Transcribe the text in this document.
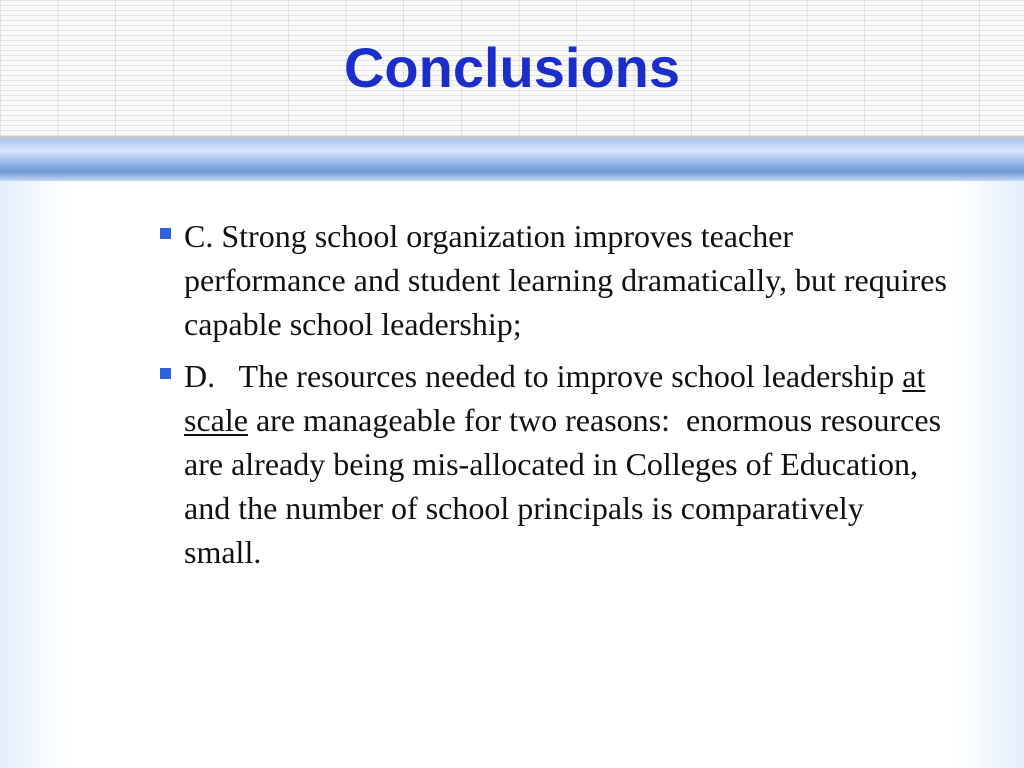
Conclusions
C. Strong school organization improves teacher performance and student learning dramatically, but requires capable school leadership;
D.   The resources needed to improve school leadership at scale are manageable for two reasons:  enormous resources are already being mis-allocated in Colleges of Education, and the number of school principals is comparatively small.
